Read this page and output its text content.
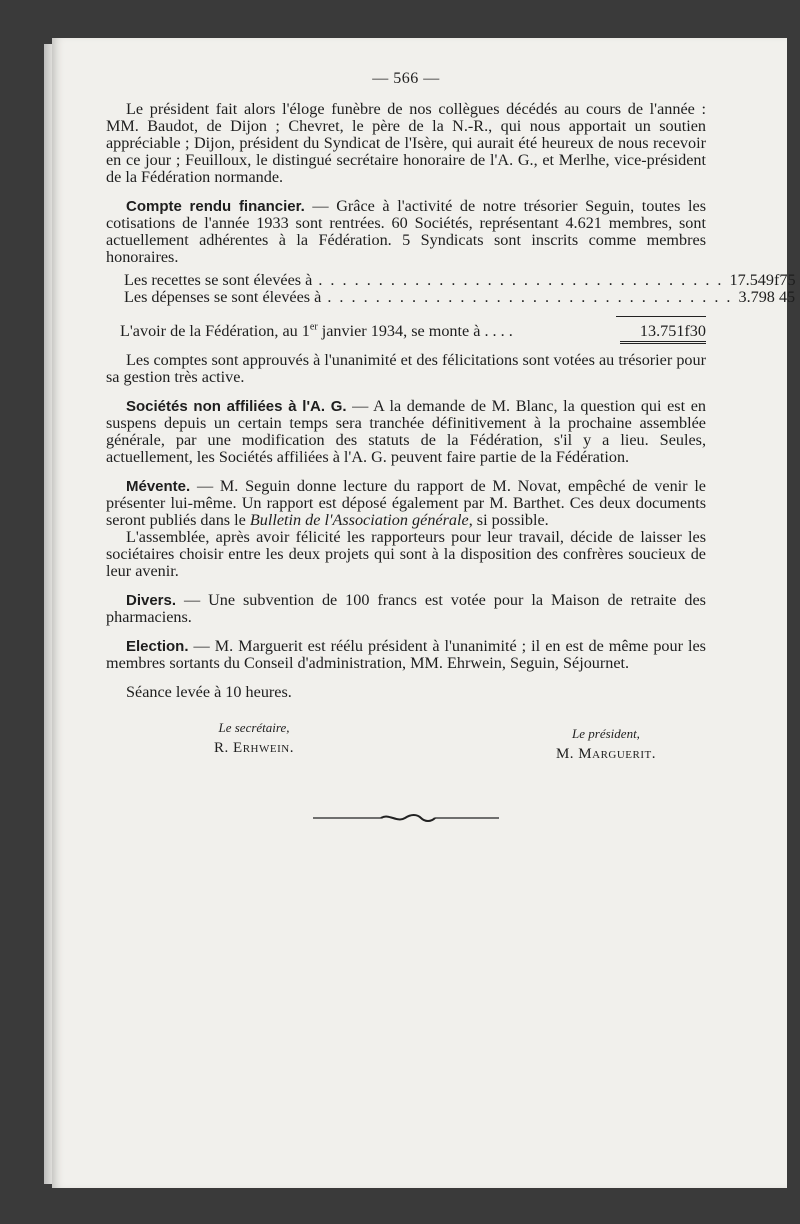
— 566 —

Le président fait alors l'éloge funèbre de nos collègues décédés au cours de l'année : MM. Baudot, de Dijon ; Chevret, le père de la N.-R., qui nous apportait un soutien appréciable ; Dijon, président du Syndicat de l'Isère, qui aurait été heureux de nous recevoir en ce jour ; Feuilloux, le distingué secrétaire honoraire de l'A. G., et Merlhe, vice-président de la Fédération normande.

Compte rendu financier. — Grâce à l'activité de notre trésorier Seguin, toutes les cotisations de l'année 1933 sont rentrées. 60 Sociétés, représentant 4.621 membres, sont actuellement adhérentes à la Fédération. 5 Syndicats sont inscrits comme membres honoraires.

Les recettes se sont élevées à . . . . . . . . . . . . . . . . . . . . . . . . . . . . . . . . . . 17.549f75
Les dépenses se sont élevées à . . . . . . . . . . . . . . . . . . . . . . . . . . . . . . . . . . 3.798 45
L'avoir de la Fédération, au 1er janvier 1934, se monte à . . . .	13.751f30

Les comptes sont approuvés à l'unanimité et des félicitations sont votées au trésorier pour sa gestion très active.

Sociétés non affiliées à l'A. G. — A la demande de M. Blanc, la question qui est en suspens depuis un certain temps sera tranchée définitivement à la prochaine assemblée générale, par une modification des statuts de la Fédération, s'il y a lieu. Seules, actuellement, les Sociétés affiliées à l'A. G. peuvent faire partie de la Fédération.

Mévente. — M. Seguin donne lecture du rapport de M. Novat, empêché de venir le présenter lui-même. Un rapport est déposé également par M. Barthet. Ces deux documents seront publiés dans le Bulletin de l'Association générale, si possible.

L'assemblée, après avoir félicité les rapporteurs pour leur travail, décide de laisser les sociétaires choisir entre les deux projets qui sont à la disposition des confrères soucieux de leur avenir.

Divers. — Une subvention de 100 francs est votée pour la Maison de retraite des pharmaciens.

Election. — M. Marguerit est réélu président à l'unanimité ; il en est de même pour les membres sortants du Conseil d'administration, MM. Ehrwein, Seguin, Séjournet.

Séance levée à 10 heures.

Le secrétaire,
R. Erhwein.
Le président,
M. Marguerit.
